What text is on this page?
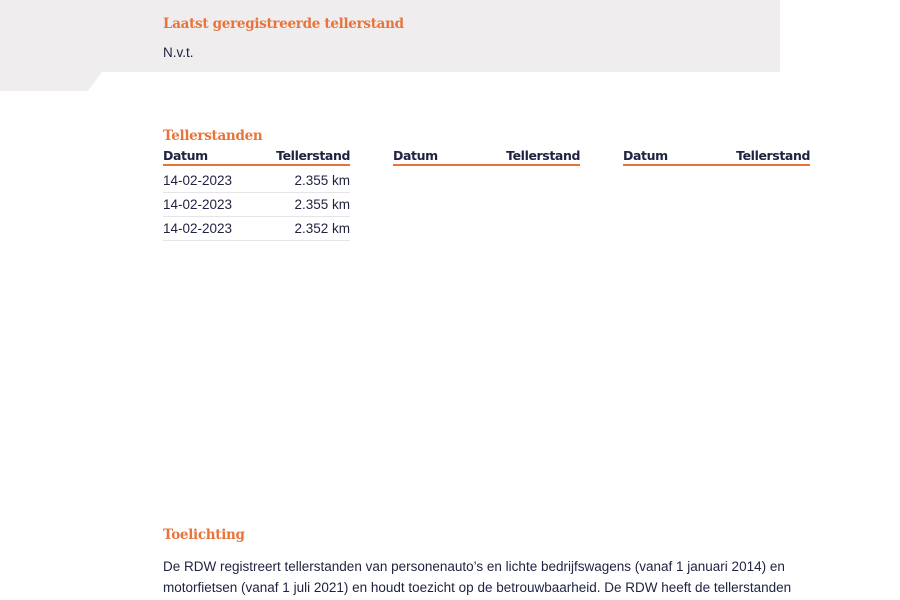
Laatst geregistreerde tellerstand
N.v.t.
Tellerstanden
Datum	Tellerstand
14-02-2023	2.355 km
14-02-2023	2.355 km
14-02-2023	2.352 km
Datum	Tellerstand	Datum	Tellerstand
Toelichting
De RDW registreert tellerstanden van personenauto’s en lichte bedrijfswagens (vanaf 1 januari 2014) en
motorfietsen (vanaf 1 juli 2021) en houdt toezicht op de betrouwbaarheid. De RDW heeft de tellerstanden
